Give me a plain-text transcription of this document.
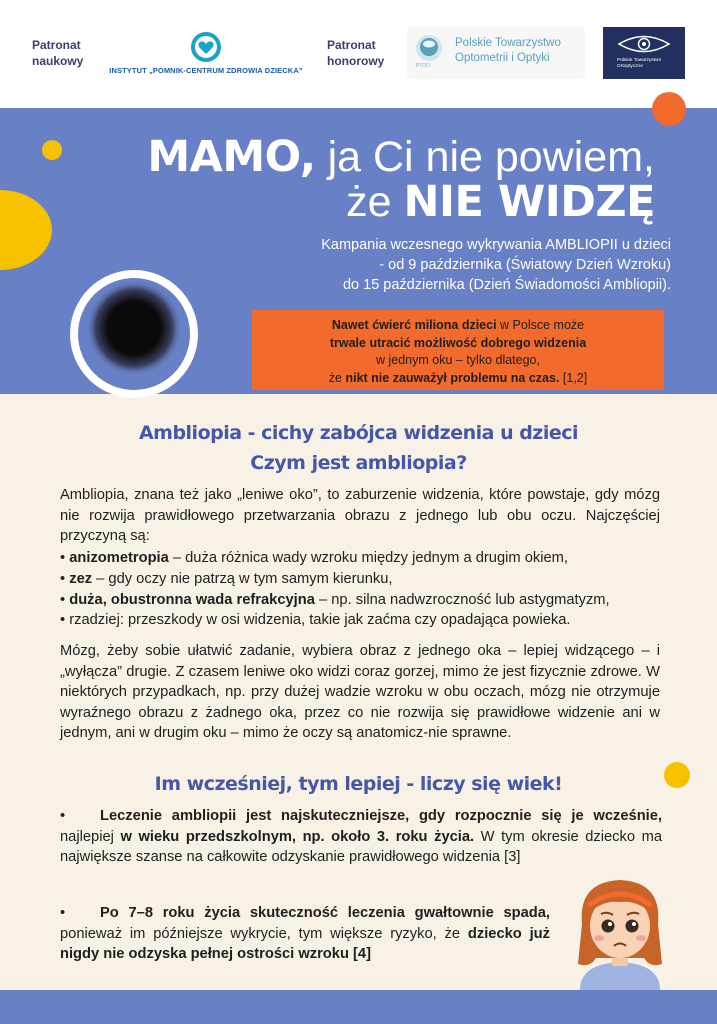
Patronat
naukowy
INSTYTUT „POMNIK-CENTRUM ZDROWIA DZIECKA”
Patronat
honorowy	PTOO
Polskie Towarzystwo
Optometrii i Optyki	Polskie Towarzystwo
Ortoptyczne
MAMO, ja Ci nie powiem,
że NIE WIDZĘ
Kampania wczesnego wykrywania AMBLIOPII u dzieci
- od 9 października (Światowy Dzień Wzroku)
do 15 października (Dzień Świadomości Ambliopii).
Nawet ćwierć miliona dzieci w Polsce może
trwale utracić możliwość dobrego widzenia
w jednym oku – tylko dlatego,
że nikt nie zauważył problemu na czas. [1,2]
Ambliopia - cichy zabójca widzenia u dzieci
Czym jest ambliopia?

Ambliopia, znana też jako „leniwe oko”, to zaburzenie widzenia, które powstaje, gdy mózg nie rozwija prawidłowego przetwarzania obrazu z jednego lub obu oczu. Najczęściej przyczyną są:

• anizometropia – duża różnica wady wzroku między jednym a drugim okiem,
• zez – gdy oczy nie patrzą w tym samym kierunku,
• duża, obustronna wada refrakcyjna – np. silna nadwzroczność lub astygmatyzm,
• rzadziej: przeszkody w osi widzenia, takie jak zaćma czy opadająca powieka.

Mózg, żeby sobie ułatwić zadanie, wybiera obraz z jednego oka – lepiej widzącego – i „wyłącza” drugie. Z czasem leniwe oko widzi coraz gorzej, mimo że jest fizycznie zdrowe. W niektórych przypadkach, np. przy dużej wadzie wzroku w obu oczach, mózg nie otrzymuje wyraźnego obrazu z żadnego oka, przez co nie rozwija się prawidłowe widzenie ani w jednym, ani w drugim oku – mimo że oczy są anatomicz-nie sprawne.

Im wcześniej, tym lepiej - liczy się wiek!

• Leczenie ambliopii jest najskuteczniejsze, gdy rozpocznie się je wcześnie, najlepiej w wieku przedszkolnym, np. około 3. roku życia. W tym okresie dziecko ma największe szanse na całkowite odzyskanie prawidłowego widzenia [3]

• Po 7–8 roku życia skuteczność leczenia gwałtownie spada, ponieważ im późniejsze wykrycie, tym większe ryzyko, że dziecko już nigdy nie odzyska pełnej ostrości wzroku [4]
